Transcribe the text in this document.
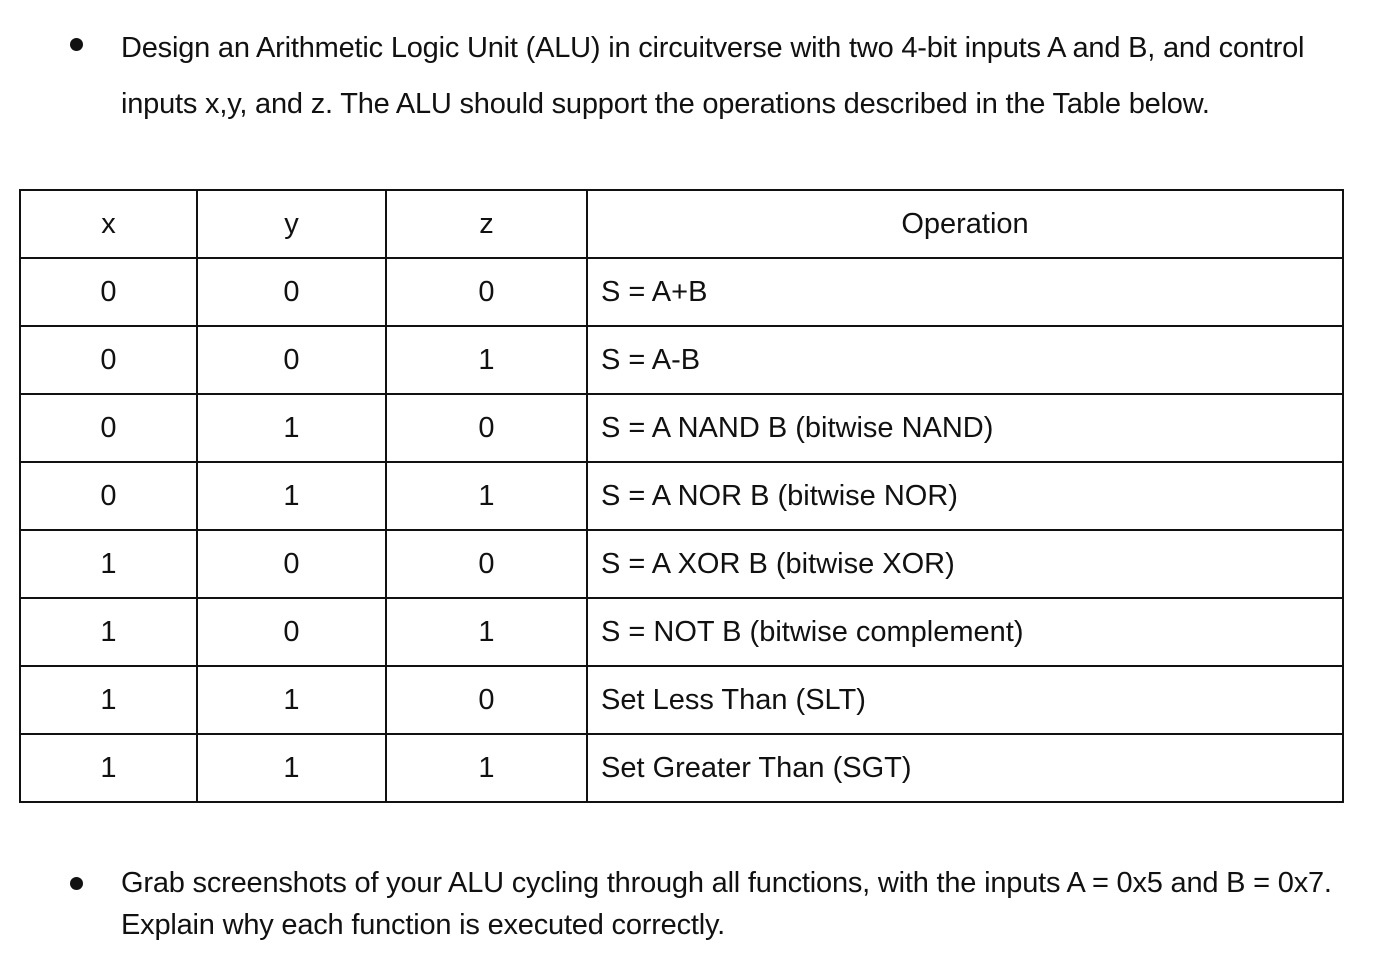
Design an Arithmetic Logic Unit (ALU) in circuitverse with two 4-bit inputs A and B, and control inputs x,y, and z. The ALU should support the operations described in the Table below.
x	y	z	Operation
0	0	0	S = A+B
0	0	1	S = A-B
0	1	0	S = A NAND B (bitwise NAND)
0	1	1	S = A NOR B (bitwise NOR)
1	0	0	S = A XOR B (bitwise XOR)
1	0	1	S = NOT B (bitwise complement)
1	1	0	Set Less Than (SLT)
1	1	1	Set Greater Than (SGT)
Grab screenshots of your ALU cycling through all functions, with the inputs A = 0x5 and B = 0x7. Explain why each function is executed correctly.
